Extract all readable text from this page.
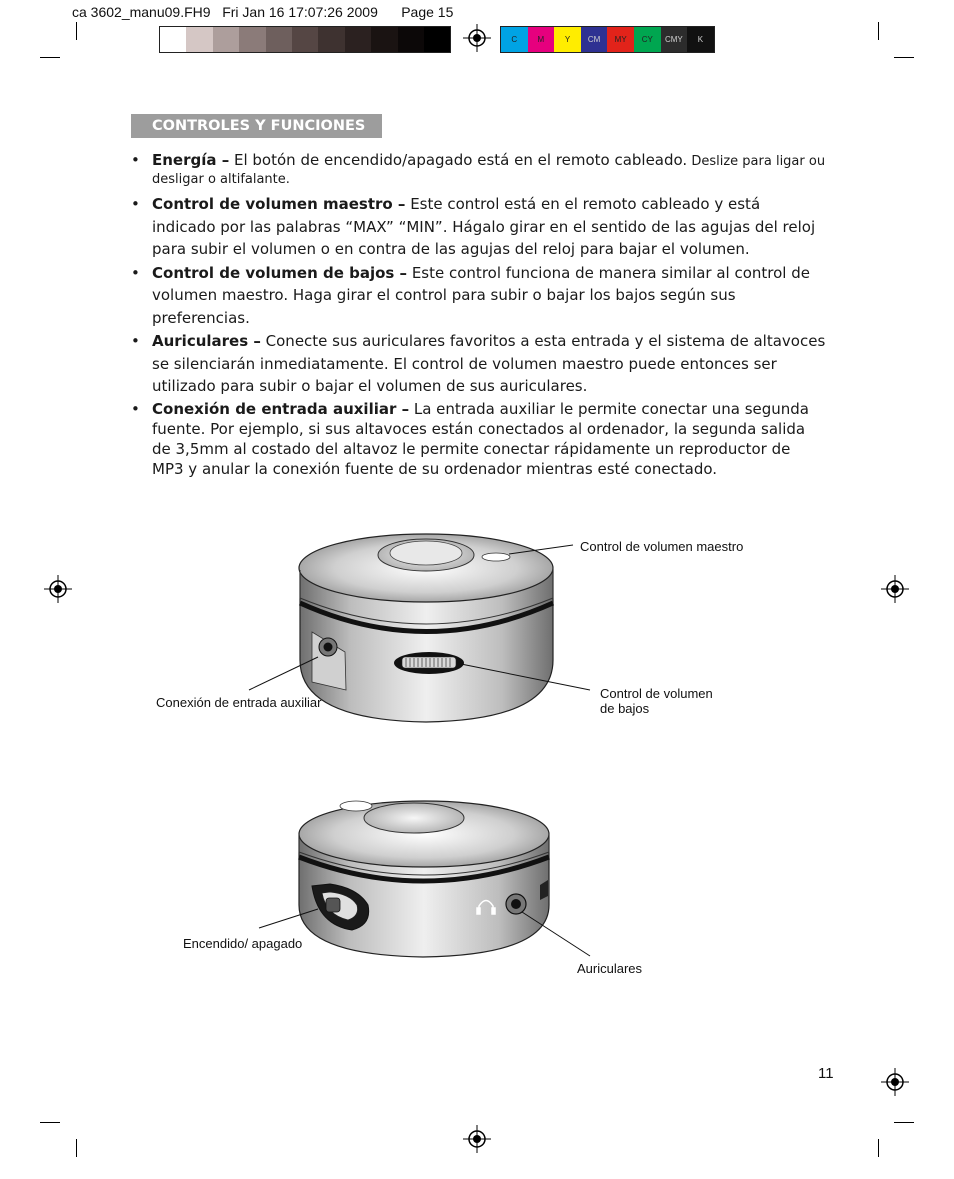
ca 3602_manu09.FH9   Fri Jan 16 17:07:26 2009      Page 15
C	M	Y	CM	MY	CY	CMY	K
CONTROLES Y FUNCIONES
• Energía – El botón de encendido/apagado está en el remoto cableado. Deslize para ligar ou desligar o altifalante.
• Control de volumen maestro – Este control está en el remoto cableado y está indicado por las palabras “MAX” “MIN”. Hágalo girar en el sentido de las agujas del reloj para subir el volumen o en contra de las agujas del reloj para bajar el volumen.
• Control de volumen de bajos – Este control funciona de manera similar al control de volumen maestro. Haga girar el control para subir o bajar los bajos según sus preferencias.
• Auriculares – Conecte sus auriculares favoritos a esta entrada y el sistema de altavoces se silenciarán inmediatamente. El control de volumen maestro puede entonces ser utilizado para subir o bajar el volumen de sus auriculares.
• Conexión de entrada auxiliar – La entrada auxiliar le permite conectar una segunda fuente. Por ejemplo, si sus altavoces están conectados al ordenador, la segunda salida de 3,5mm al costado del altavoz le permite conectar rápidamente un reproductor de MP3 y anular la conexión fuente de su ordenador mientras esté conectado.
Control de volumen maestro
Conexión de entrada auxiliar
Control de volumen
de bajos
Encendido/ apagado
Auriculares
11
